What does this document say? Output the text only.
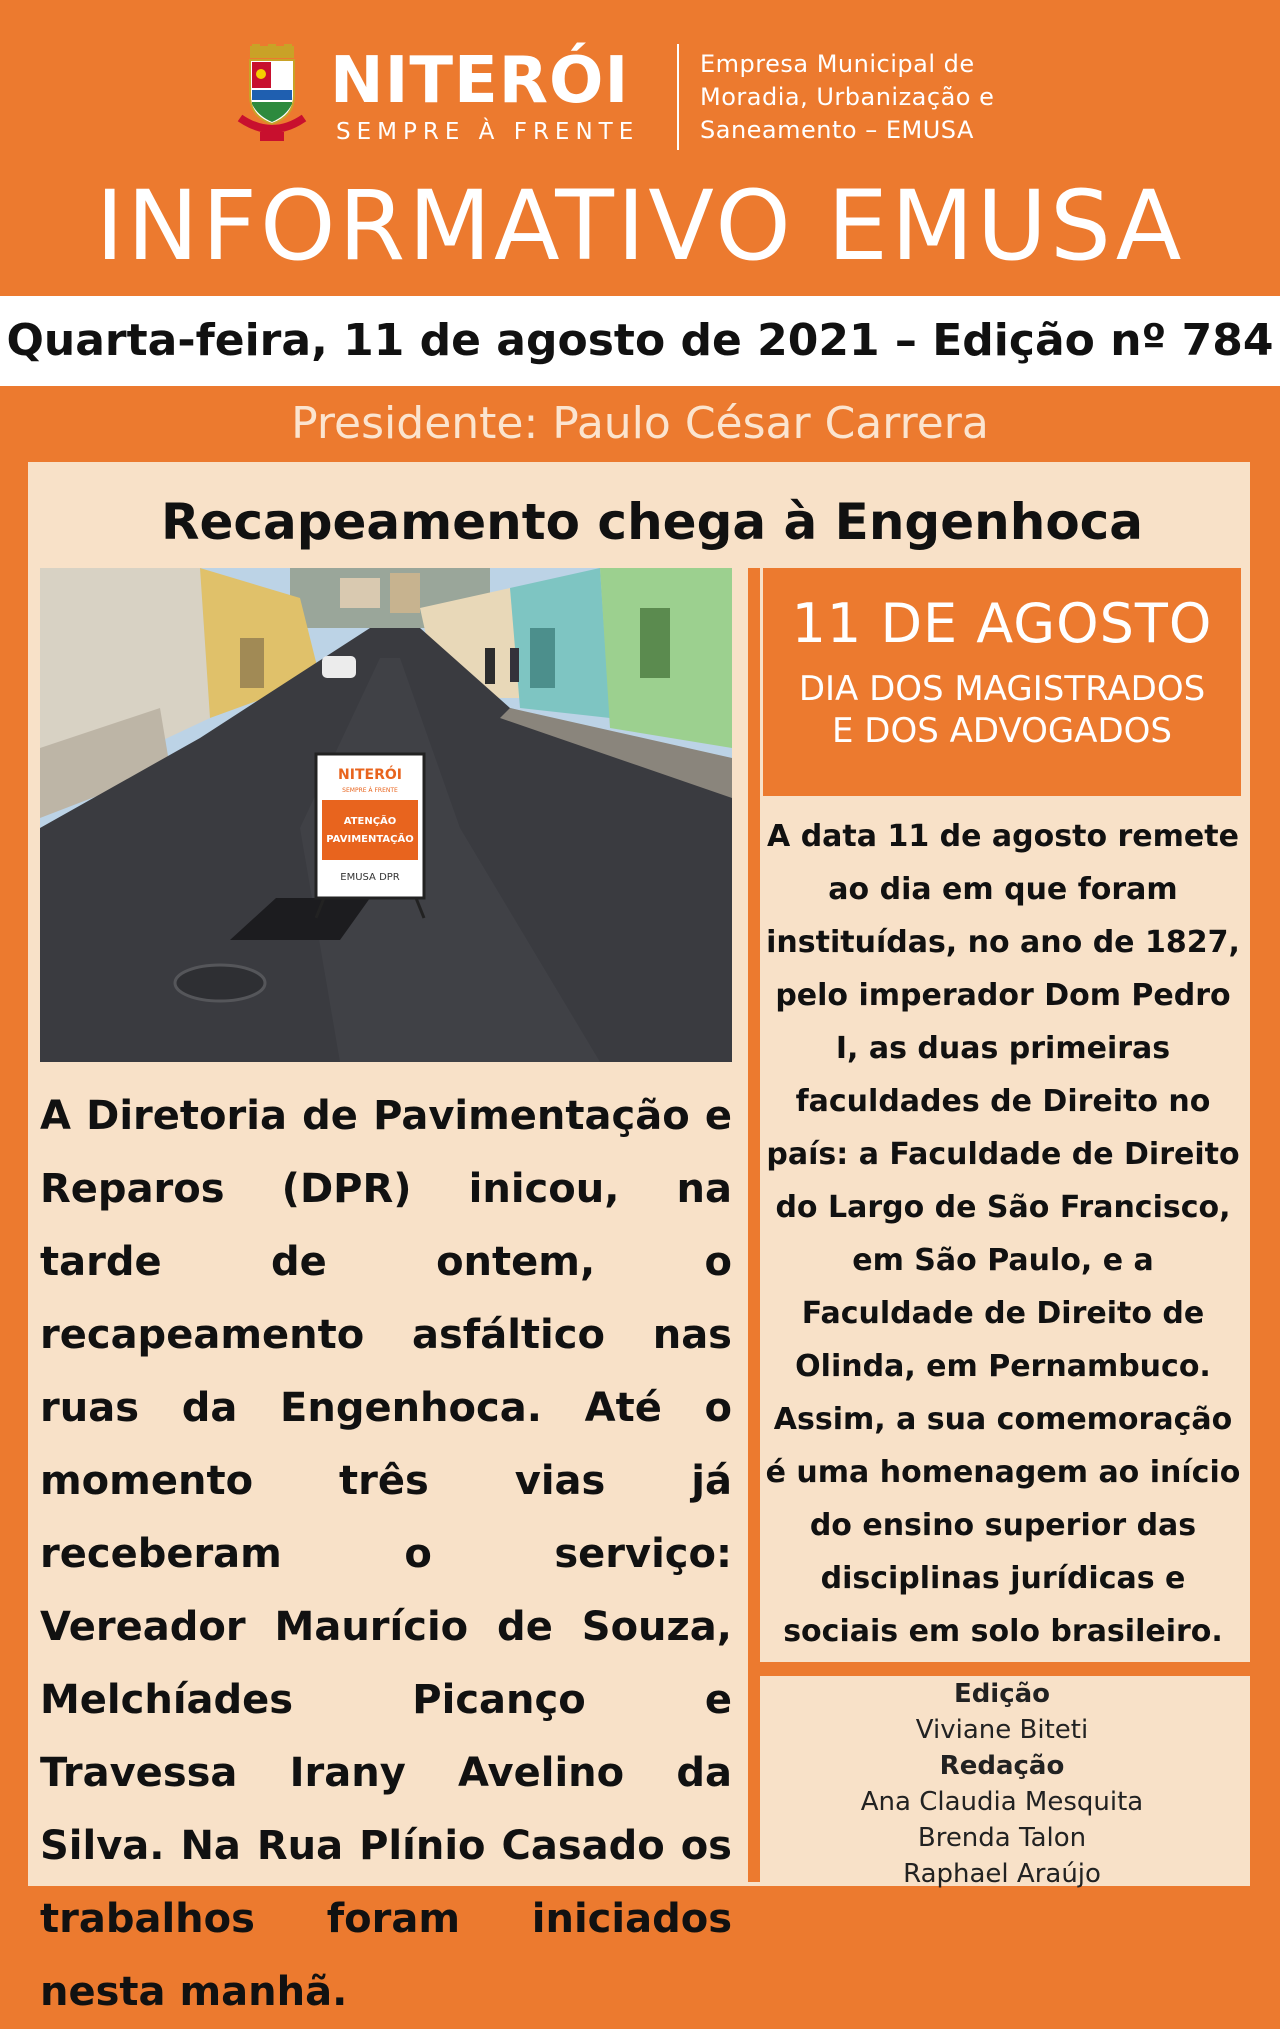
NITERÓI
SEMPRE À FRENTE
Empresa Municipal de
Moradia, Urbanização e
Saneamento – EMUSA
INFORMATIVO EMUSA
Quarta-feira, 11 de agosto de 2021 – Edição nº 784
Presidente: Paulo César Carrera
Recapeamento chega à Engenhoca
NITERÓI
SEMPRE À FRENTE
ATENÇÃO
PAVIMENTAÇÃO
EMUSA DPR

A Diretoria de Pavimentação e Reparos (DPR) inicou, na tarde de ontem, o recapeamento asfáltico nas ruas da Engenhoca. Até o momento três vias já receberam o serviço: Vereador Maurício de Souza, Melchíades Picanço e Travessa Irany Avelino da Silva. Na Rua Plínio Casado os trabalhos foram iniciados nesta manhã.

11 DE AGOSTO
DIA DOS MAGISTRADOS
E DOS ADVOGADOS

A data 11 de agosto remete ao dia em que foram instituídas, no ano de 1827, pelo imperador Dom Pedro I, as duas primeiras faculdades de Direito no país: a Faculdade de Direito do Largo de São Francisco, em São Paulo, e a Faculdade de Direito de Olinda, em Pernambuco. Assim, a sua comemoração é uma homenagem ao início do ensino superior das disciplinas jurídicas e sociais em solo brasileiro.

Edição
Viviane Biteti
Redação
Ana Claudia Mesquita
Brenda Talon
Raphael Araújo
